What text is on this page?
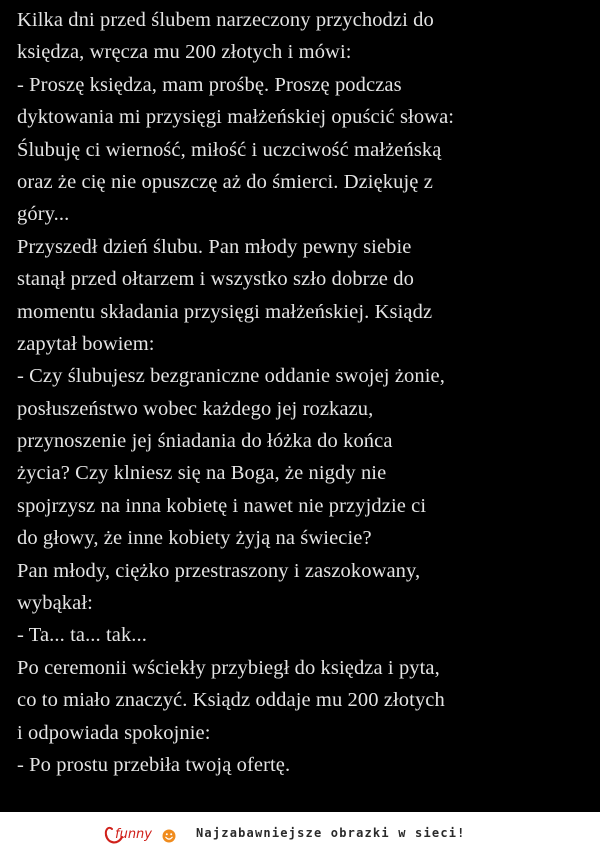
Kilka dni przed ślubem narzeczony przychodzi do
księdza, wręcza mu 200 złotych i mówi:
- Proszę księdza, mam prośbę. Proszę podczas
dyktowania mi przysięgi małżeńskiej opuścić słowa:
Ślubuję ci wierność, miłość i uczciwość małżeńską
oraz że cię nie opuszczę aż do śmierci. Dziękuję z
góry...
Przyszedł dzień ślubu. Pan młody pewny siebie
stanął przed ołtarzem i wszystko szło dobrze do
momentu składania przysięgi małżeńskiej. Ksiądz
zapytał bowiem:
- Czy ślubujesz bezgraniczne oddanie swojej żonie,
posłuszeństwo wobec każdego jej rozkazu,
przynoszenie jej śniadania do łóżka do końca
życia? Czy klniesz się na Boga, że nigdy nie
spojrzysz na inna kobietę i nawet nie przyjdzie ci
do głowy, że inne kobiety żyją na świecie?
Pan młody, ciężko przestraszony i zaszokowany,
wybąkał:
- Ta... ta... tak...
Po ceremonii wściekły przybiegł do księdza i pyta,
co to miało znaczyć. Ksiądz oddaje mu 200 złotych
i odpowiada spokojnie:
- Po prostu przebiła twoją ofertę.
funny	Najzabawniejsze obrazki w sieci!
